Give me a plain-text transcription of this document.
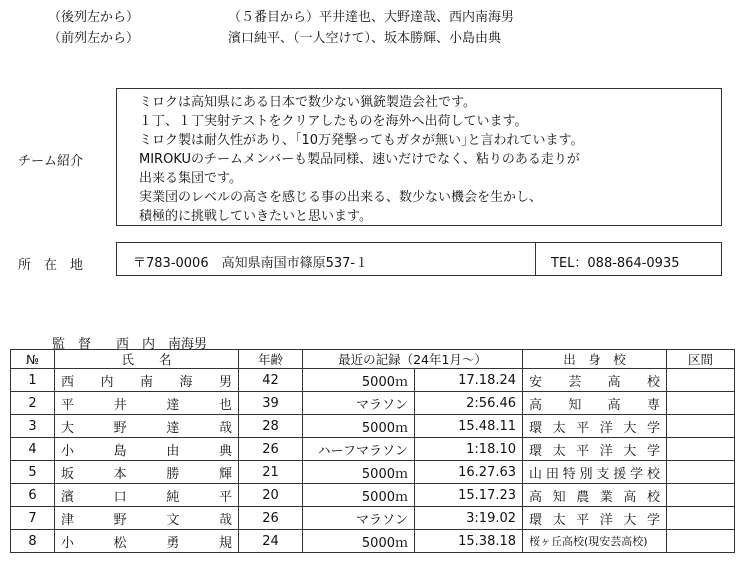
（後列左から）	（５番目から）平井達也、大野達哉、西内南海男
（前列左から）	濱口純平、（一人空けて）、坂本勝輝、小島由典
チーム紹介
ミロクは高知県にある日本で数少ない猟銃製造会社です。
１丁、１丁実射テストをクリアしたものを海外へ出荷しています。
ミロク製は耐久性があり、｢10万発撃ってもガタが無い｣と言われています。
MIROKUのチームメンバーも製品同様、速いだけでなく、粘りのある走りが
出来る集団です。
実業団のレベルの高さを感じる事の出来る、数少ない機会を生かし、
積極的に挑戦していきたいと思います。
所　在　地	〒783-0006　高知県南国市篠原537-１	TEL：088-864-0935
監　督 西　内　南海男
№	氏　　名	年齢	最近の記録（24年1月～）		出　身　校	区間
1	西内南海男	42	5000ｍ	17.18.24	安芸高校	
2	平井達也	39	マラソン	2:56.46	高知高専	
3	大野達哉	28	5000ｍ	15.48.11	環太平洋大学	
4	小島由典	26	ハーフマラソン	1:18.10	環太平洋大学	
5	坂本勝輝	21	5000ｍ	16.27.63	山田特別支援学校	
6	濱口純平	20	5000ｍ	15.17.23	高知農業高校	
7	津野文哉	26	マラソン	3:19.02	環太平洋大学	
8	小松勇規	24	5000ｍ	15.38.18	桜ヶ丘高校(現安芸高校)	
